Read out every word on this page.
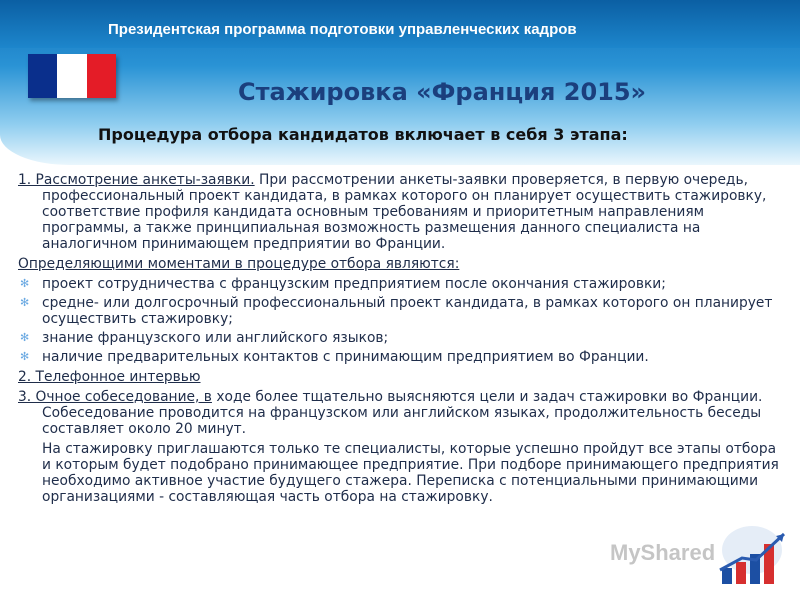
Президентская программа подготовки управленческих кадров
Стажировка «Франция 2015»
Процедура отбора кандидатов включает в себя 3 этапа:

1. Рассмотрение анкеты-заявки. При рассмотрении анкеты-заявки проверяется, в первую очередь, профессиональный проект кандидата, в рамках которого он планирует осуществить стажировку, соответствие профиля кандидата основным требованиям и приоритетным направлениям программы, а также принципиальная возможность размещения данного специалиста на аналогичном принимающем предприятии во Франции.

Определяющими моментами в процедуре отбора являются:

✻ проект сотрудничества с французским предприятием после окончания стажировки;
✻ средне- или долгосрочный профессиональный проект кандидата, в рамках которого он планирует осуществить стажировку;
✻ знание французского или английского языков;
✻ наличие предварительных контактов с принимающим предприятием во Франции.

2. Телефонное интервью

3. Очное собеседование, в ходе более тщательно выясняются цели и задач стажировки во Франции. Собеседование проводится на французском или английском языках, продолжительность беседы составляет около 20 минут.

На стажировку приглашаются только те специалисты, которые успешно пройдут все этапы отбора и которым будет подобрано принимающее предприятие. При подборе принимающего предприятия необходимо активное участие будущего стажера. Переписка с потенциальными принимающими организациями - составляющая часть отбора на стажировку.

MyShared
